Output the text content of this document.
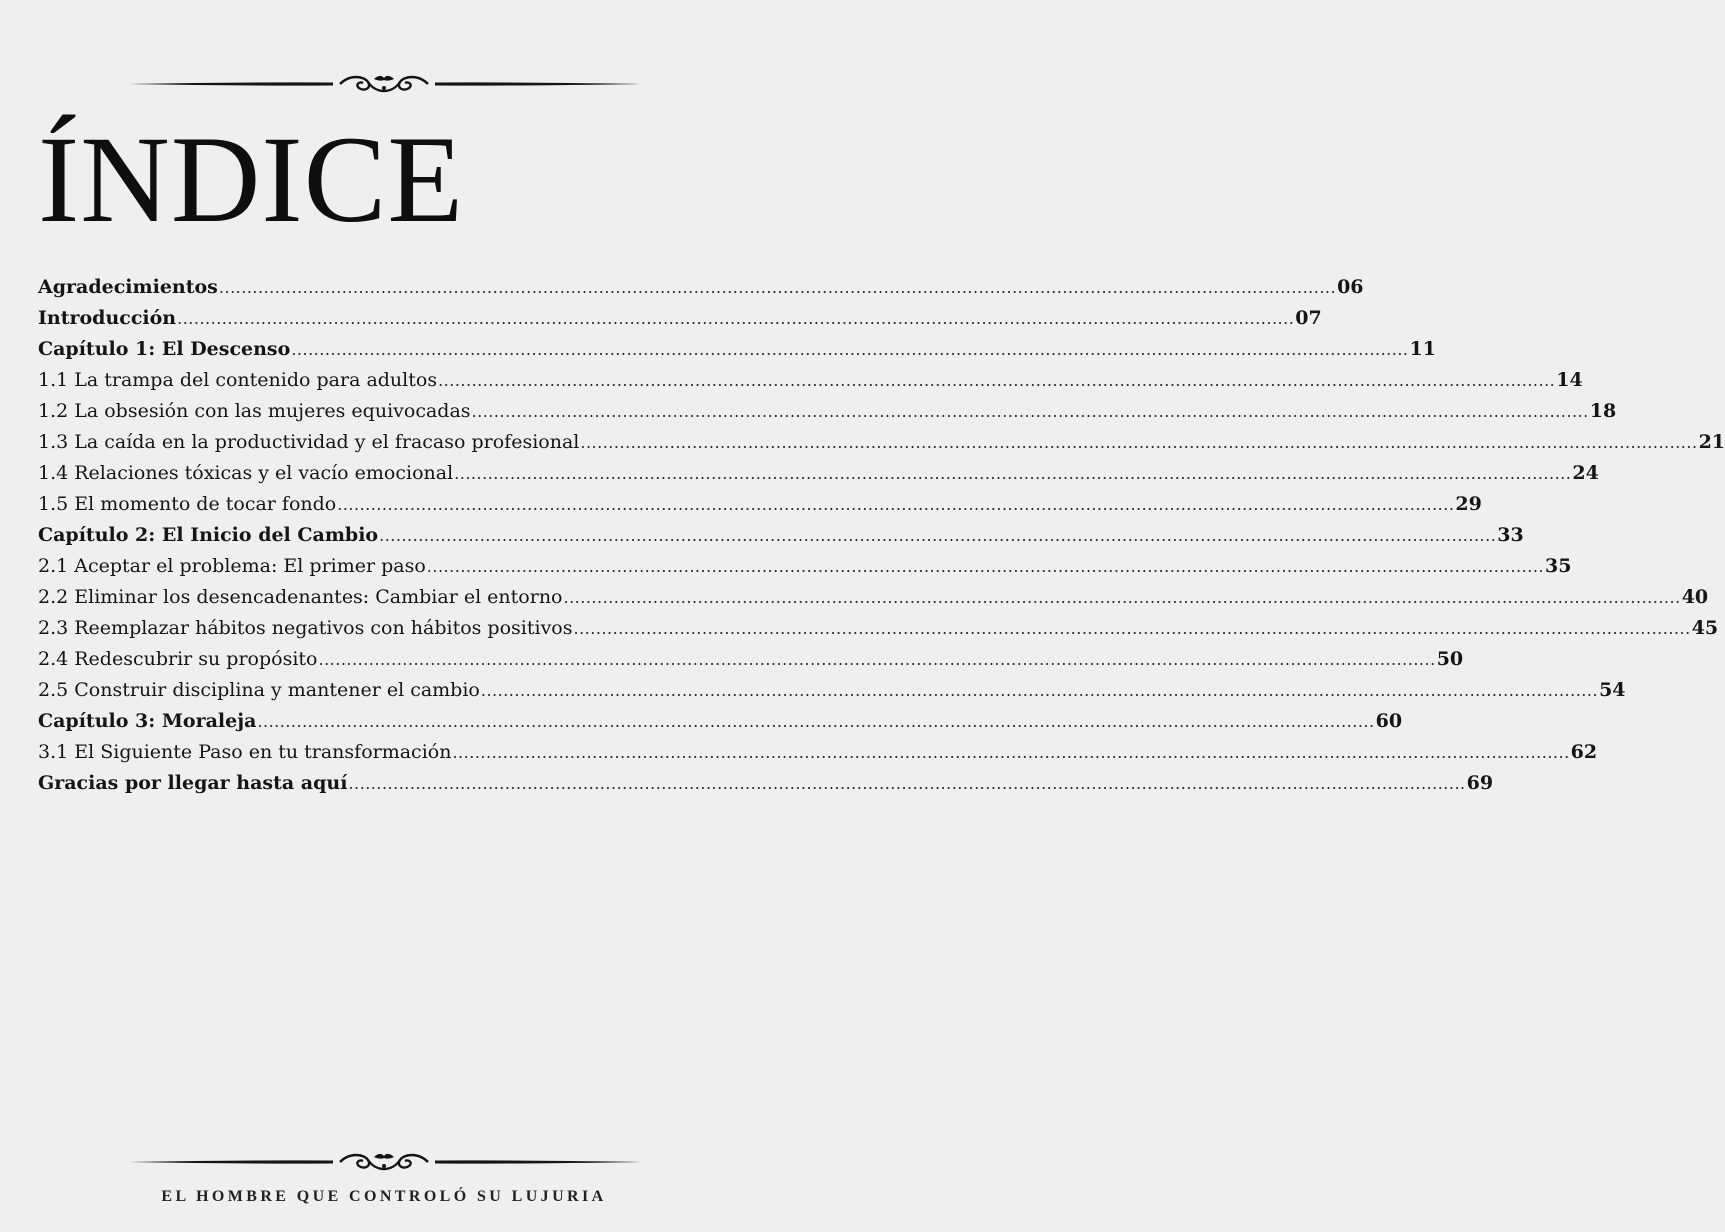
ÍNDICE
Agradecimientos ........................................................................................................................................................................................................ 06
Introducción ........................................................................................................................................................................................................ 07
Capítulo 1: El Descenso ........................................................................................................................................................................................................ 11
1.1 La trampa del contenido para adultos ........................................................................................................................................................................................................ 14
1.2 La obsesión con las mujeres equivocadas ........................................................................................................................................................................................................ 18
1.3 La caída en la productividad y el fracaso profesional ........................................................................................................................................................................................................ 21
1.4 Relaciones tóxicas y el vacío emocional ........................................................................................................................................................................................................ 24
1.5 El momento de tocar fondo ........................................................................................................................................................................................................ 29
Capítulo 2: El Inicio del Cambio ........................................................................................................................................................................................................ 33
2.1 Aceptar el problema: El primer paso ........................................................................................................................................................................................................ 35
2.2 Eliminar los desencadenantes: Cambiar el entorno ........................................................................................................................................................................................................ 40
2.3 Reemplazar hábitos negativos con hábitos positivos ........................................................................................................................................................................................................ 45
2.4 Redescubrir su propósito ........................................................................................................................................................................................................ 50
2.5 Construir disciplina y mantener el cambio ........................................................................................................................................................................................................ 54
Capítulo 3: Moraleja ........................................................................................................................................................................................................ 60
3.1 El Siguiente Paso en tu transformación ........................................................................................................................................................................................................ 62
Gracias por llegar hasta aquí ........................................................................................................................................................................................................ 69
EL HOMBRE QUE CONTROLÓ SU LUJURIA
